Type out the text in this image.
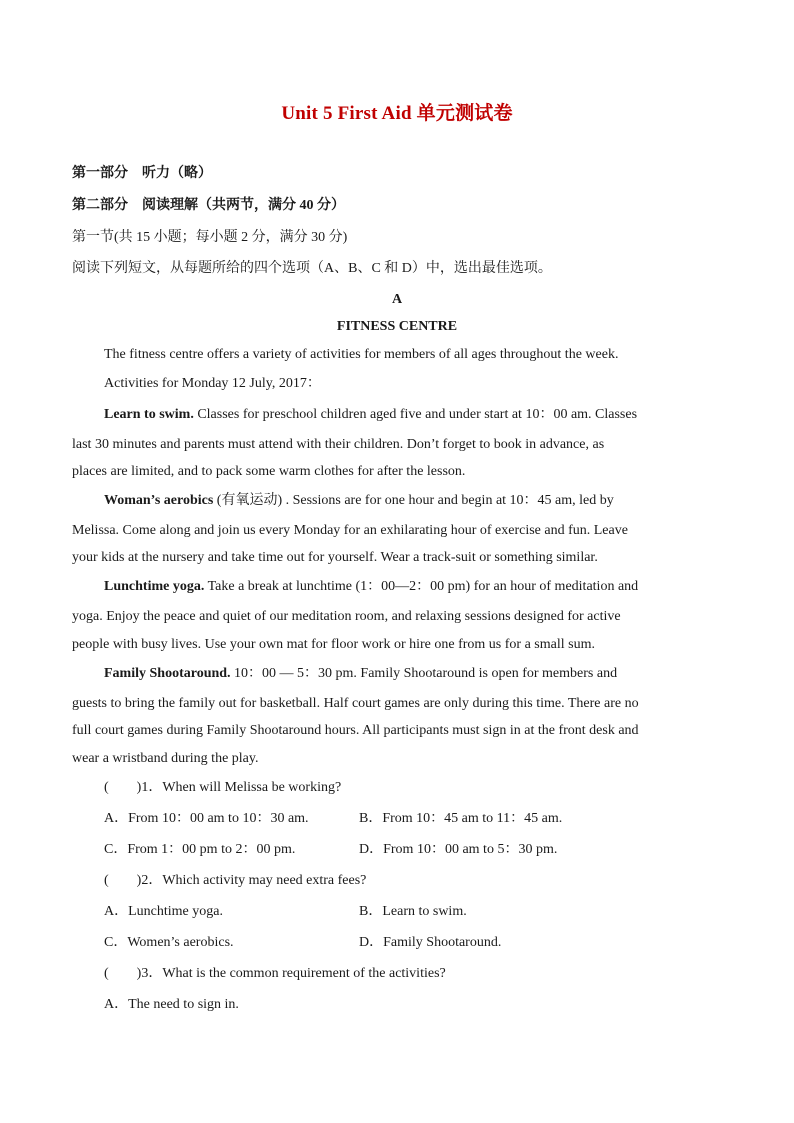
Unit 5 First Aid 单元测试卷
第一部分　听力（略）
第二部分　阅读理解（共两节，满分 40 分）
第一节(共 15 小题；每小题 2 分，满分 30 分)
阅读下列短文，从每题所给的四个选项（A、B、C 和 D）中，选出最佳选项。
A
FITNESS CENTRE
The fitness centre offers a variety of activities for members of all ages throughout the week.
Activities for Monday 12 July, 2017：
Learn to swim. Classes for preschool children aged five and under start at 10：00 am. Classes
last 30 minutes and parents must attend with their children. Don’t forget to book in advance, as
places are limited, and to pack some warm clothes for after the lesson.
Woman’s aerobics (有氧运动) . Sessions are for one hour and begin at 10：45 am, led by
Melissa. Come along and join us every Monday for an exhilarating hour of exercise and fun. Leave
your kids at the nursery and take time out for yourself. Wear a track-suit or something similar.
Lunchtime yoga. Take a break at lunchtime (1：00—2：00 pm) for an hour of meditation and
yoga. Enjoy the peace and quiet of our meditation room, and relaxing sessions designed for active
people with busy lives. Use your own mat for floor work or hire one from us for a small sum.
Family Shootaround. 10：00 — 5：30 pm. Family Shootaround is open for members and
guests to bring the family out for basketball. Half court games are only during this time. There are no
full court games during Family Shootaround hours. All participants must sign in at the front desk and
wear a wristband during the play.
(　　)1．When will Melissa be working?
A．From 10：00 am to 10：30 am.	B．From 10：45 am to 11：45 am.
C．From 1：00 pm to 2：00 pm.	D．From 10：00 am to 5：30 pm.
(　　)2．Which activity may need extra fees?
A．Lunchtime yoga.	B．Learn to swim.
C．Women’s aerobics.	D．Family Shootaround.
(　　)3．What is the common requirement of the activities?
A．The need to sign in.
